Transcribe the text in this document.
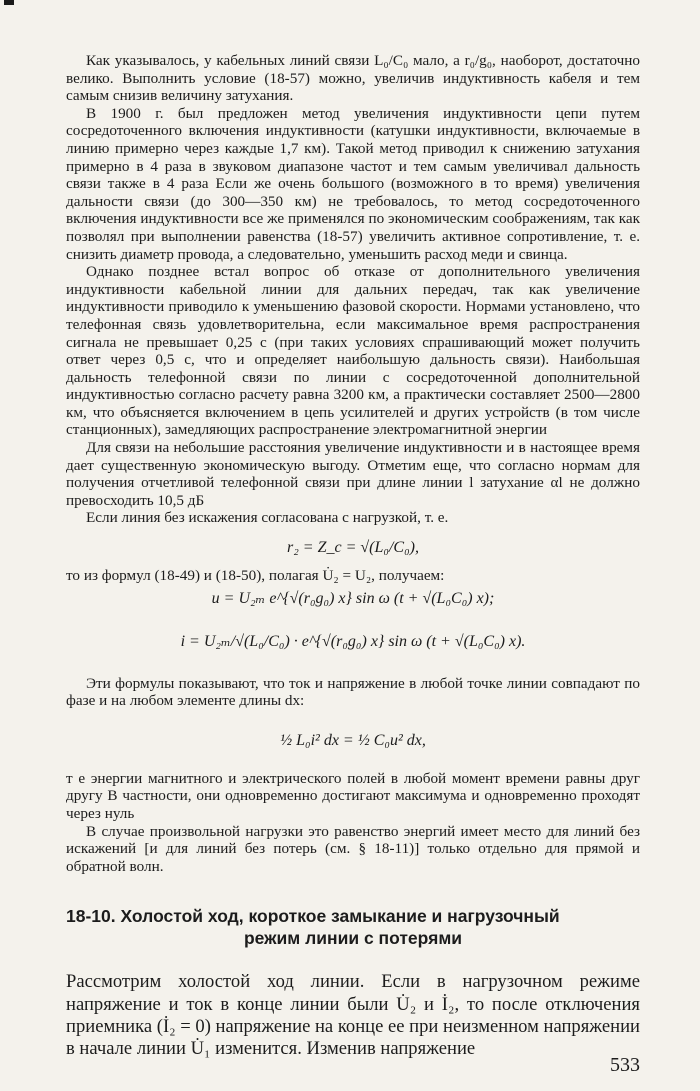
Как указывалось, у кабельных линий связи L₀/C₀ мало, а r₀/g₀, наоборот, достаточно велико. Выполнить условие (18-57) можно, увеличив индуктивность кабеля и тем самым снизив величину затухания.

В 1900 г. был предложен метод увеличения индуктивности цепи путем сосредоточенного включения индуктивности (катушки индуктивности, включаемые в линию примерно через каждые 1,7 км). Такой метод приводил к снижению затухания примерно в 4 раза в звуковом диапазоне частот и тем самым увеличивал дальность связи также в 4 раза Если же очень большого (возможного в то время) увеличения дальности связи (до 300—350 км) не требовалось, то метод сосредоточенного включения индуктивности все же применялся по экономическим соображениям, так как позволял при выполнении равенства (18-57) увеличить активное сопротивление, т. е. снизить диаметр провода, а следовательно, уменьшить расход меди и свинца.

Однако позднее встал вопрос об отказе от дополнительного увеличения индуктивности кабельной линии для дальних передач, так как увеличение индуктивности приводило к уменьшению фазовой скорости. Нормами установлено, что телефонная связь удовлетворительна, если максимальное время распространения сигнала не превышает 0,25 с (при таких условиях спрашивающий может получить ответ через 0,5 с, что и определяет наибольшую дальность связи). Наибольшая дальность телефонной связи по линии с сосредоточенной дополнительной индуктивностью согласно расчету равна 3200 км, а практически составляет 2500—2800 км, что объясняется включением в цепь усилителей и других устройств (в том числе станционных), замедляющих распространение электромагнитной энергии

Для связи на небольшие расстояния увеличение индуктивности и в настоящее время дает существенную экономическую выгоду. Отметим еще, что согласно нормам для получения отчетливой телефонной связи при длине линии l затухание αl не должно превосходить 10,5 дБ

Если линия без искажения согласована с нагрузкой, т. е.

r₂ = Z_c = √(L₀/C₀),

то из формул (18-49) и (18-50), полагая U̇₂ = U₂, получаем:

u = U₂ₘ e^{√(r₀g₀) x} sin ω (t + √(L₀C₀) x);
i = U₂ₘ/√(L₀/C₀) · e^{√(r₀g₀) x} sin ω (t + √(L₀C₀) x).

Эти формулы показывают, что ток и напряжение в любой точке линии совпадают по фазе и на любом элементе длины dx:

½ L₀i² dx = ½ C₀u² dx,

т е энергии магнитного и электрического полей в любой момент времени равны друг другу В частности, они одновременно достигают максимума и одновременно проходят через нуль

В случае произвольной нагрузки это равенство энергий имеет место для линий без искажений [и для линий без потерь (см. § 18-11)] только отдельно для прямой и обратной волн.

18-10. Холостой ход, короткое замыкание и нагрузочный
режим линии с потерями

Рассмотрим холостой ход линии. Если в нагрузочном режиме напряжение и ток в конце линии были U̇₂ и İ₂, то после отключения приемника (İ₂ = 0) напряжение на конце ее при неизменном напряжении в начале линии U̇₁ изменится. Изменив напряжение

533
